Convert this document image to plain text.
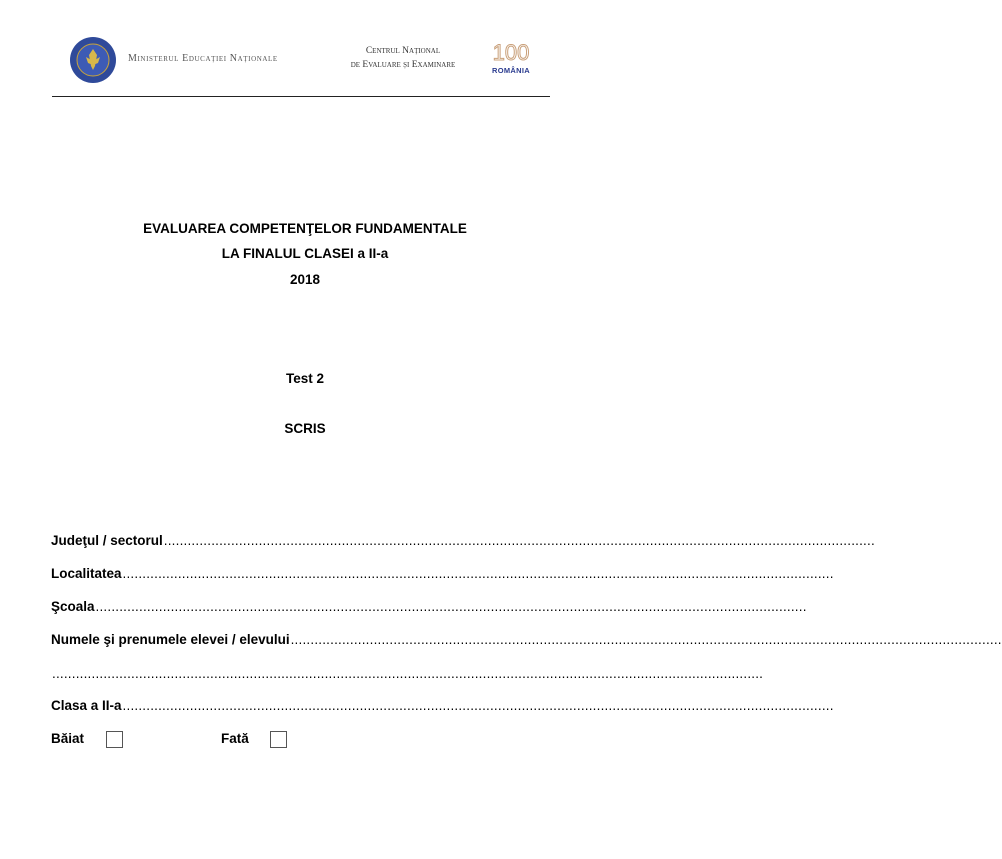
Ministerul Educației Naționale
Centrul Național
de Evaluare și Examinare	100
ROMÂNIA
EVALUAREA COMPETENŢELOR FUNDAMENTALE
LA FINALUL CLASEI a II-a
2018
Test 2
SCRIS
Judeţul / sectorul ....................................................................................................................................................................................
Localitatea ....................................................................................................................................................................................
Şcoala ....................................................................................................................................................................................
Numele şi prenumele elevei / elevului ....................................................................................................................................................................................
....................................................................................................................................................................................
Clasa a II-a ....................................................................................................................................................................................
Băiat	Fată
